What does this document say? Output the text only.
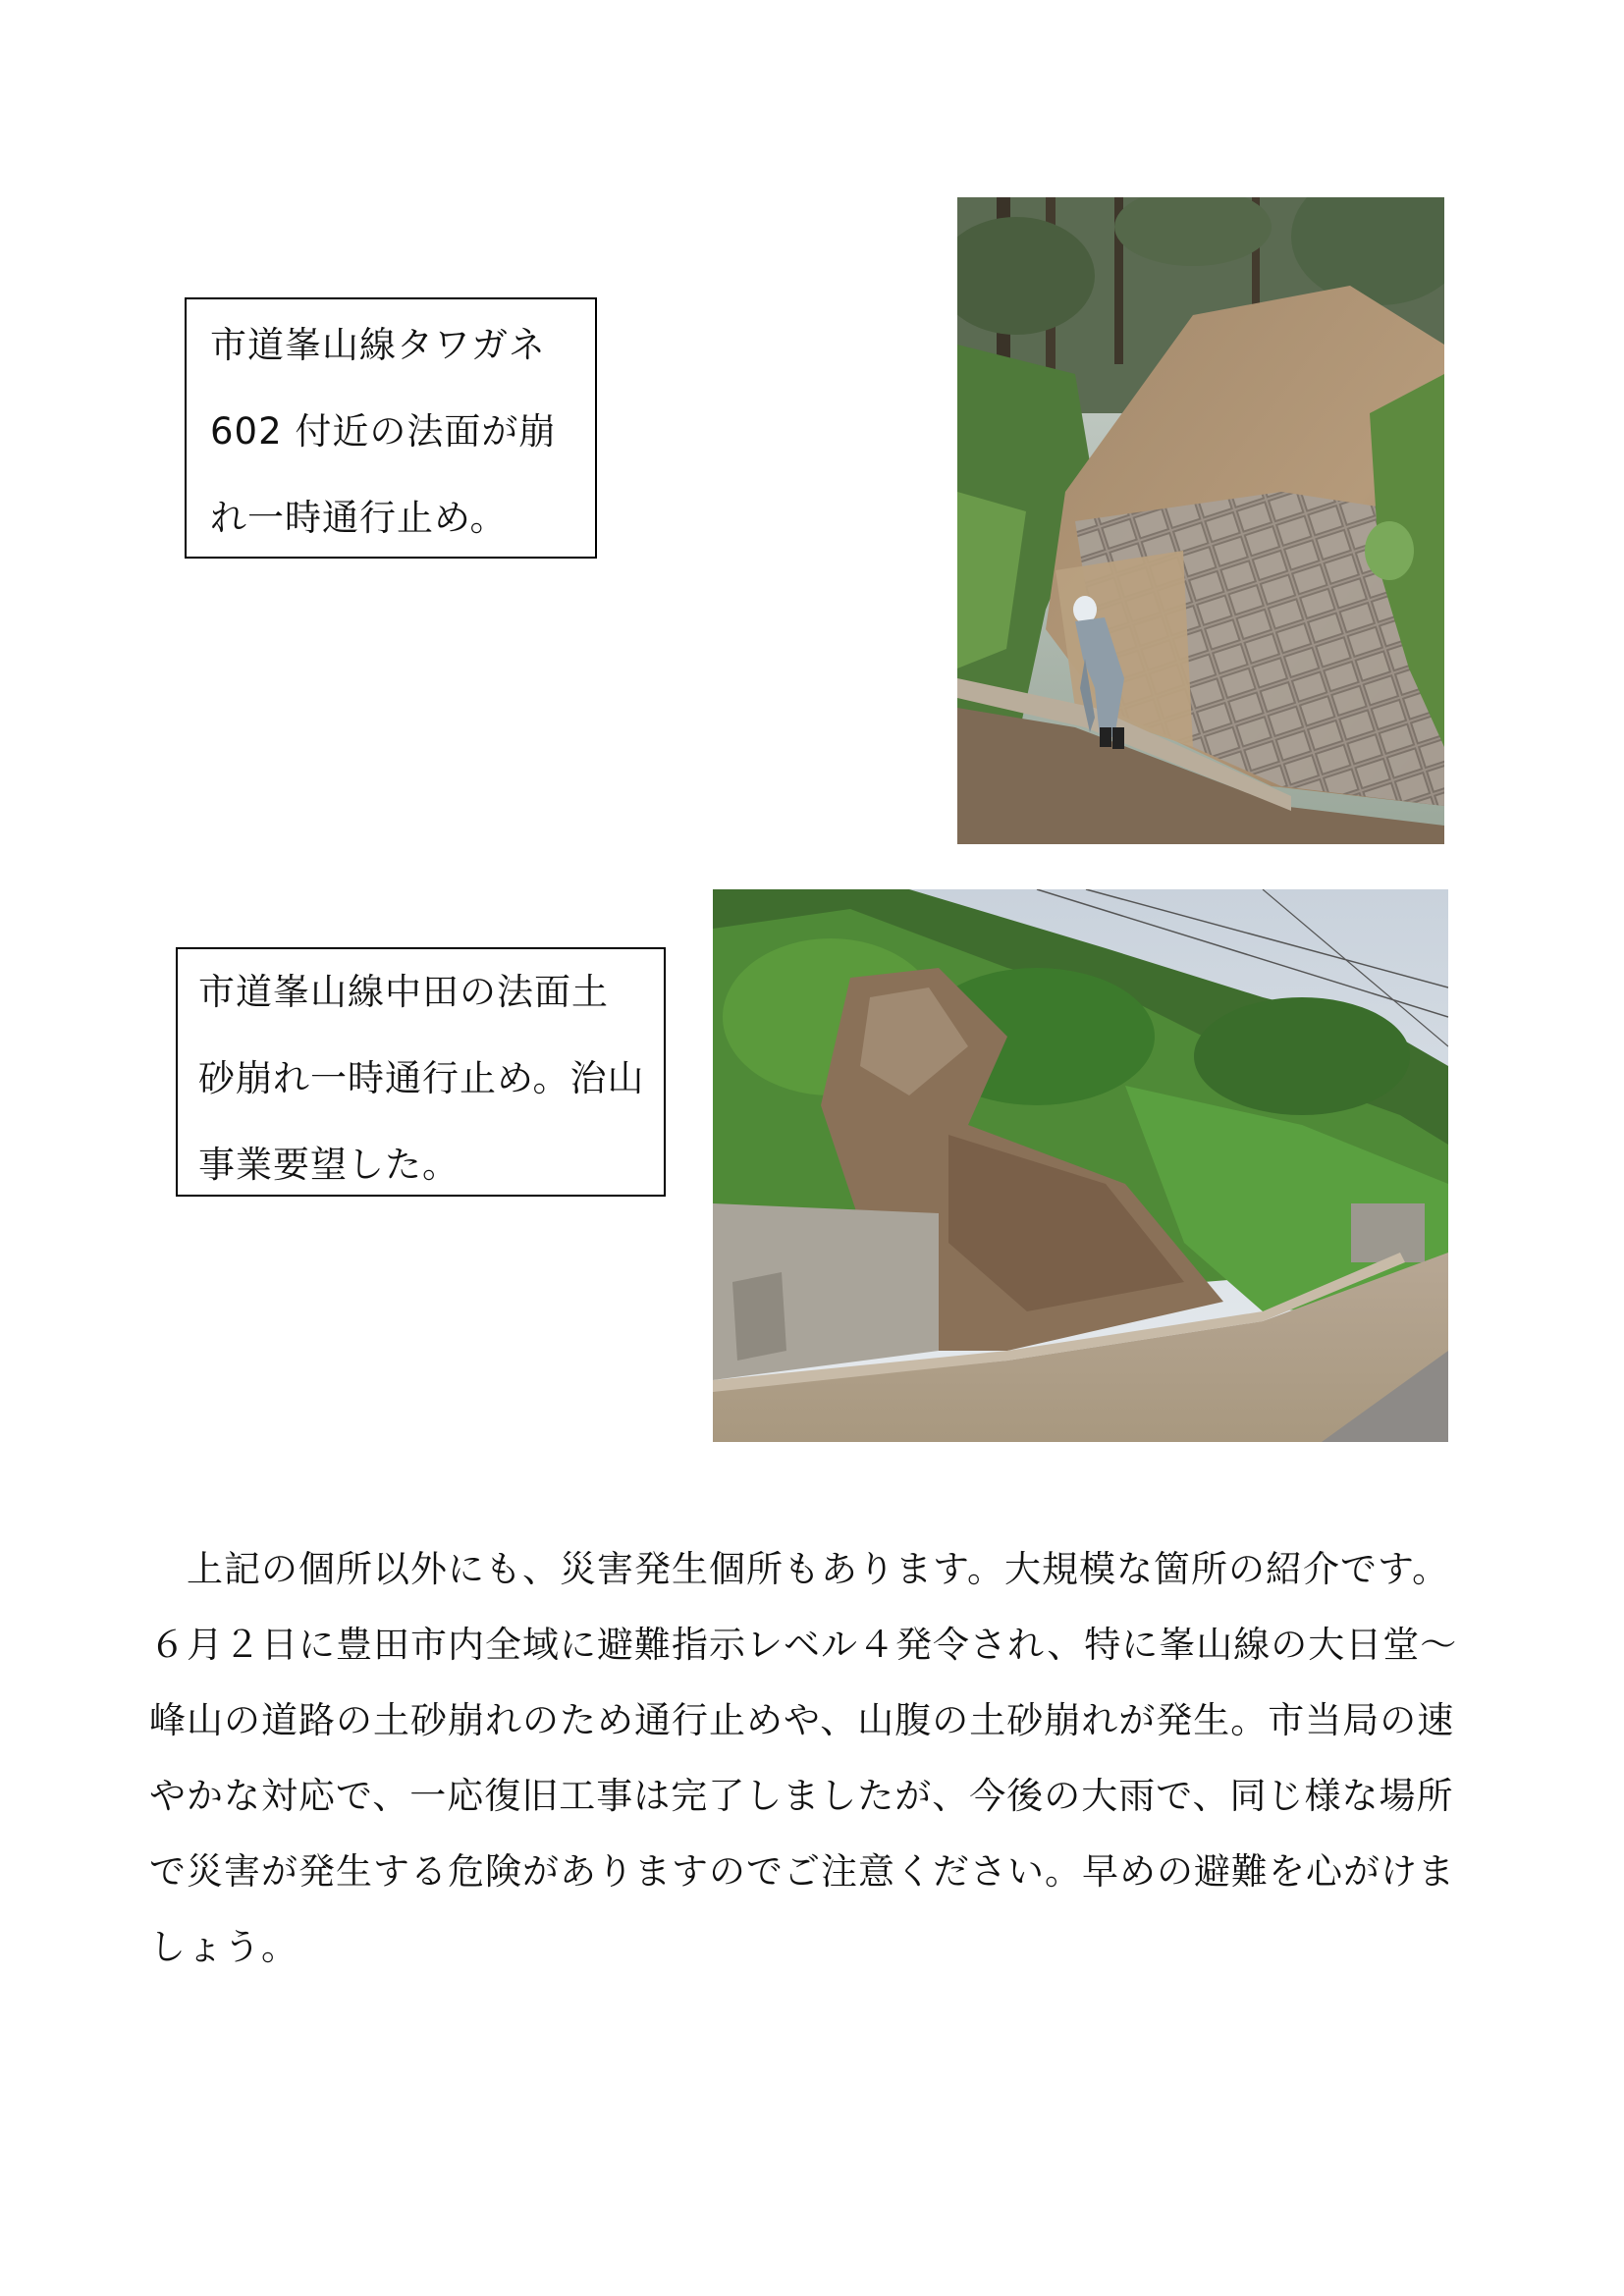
市道峯山線タワガネ
602 付近の法面が崩
れ一時通行止め。
市道峯山線中田の法面土
砂崩れ一時通行止め。治山
事業要望した。
　上記の個所以外にも、災害発生個所もあります。大規模な箇所の紹介です。
６月２日に豊田市内全域に避難指示レベル４発令され、特に峯山線の大日堂～
峰山の道路の土砂崩れのため通行止めや、山腹の土砂崩れが発生。市当局の速
やかな対応で、一応復旧工事は完了しましたが、今後の大雨で、同じ様な場所
で災害が発生する危険がありますのでご注意ください。早めの避難を心がけま
しょう。
